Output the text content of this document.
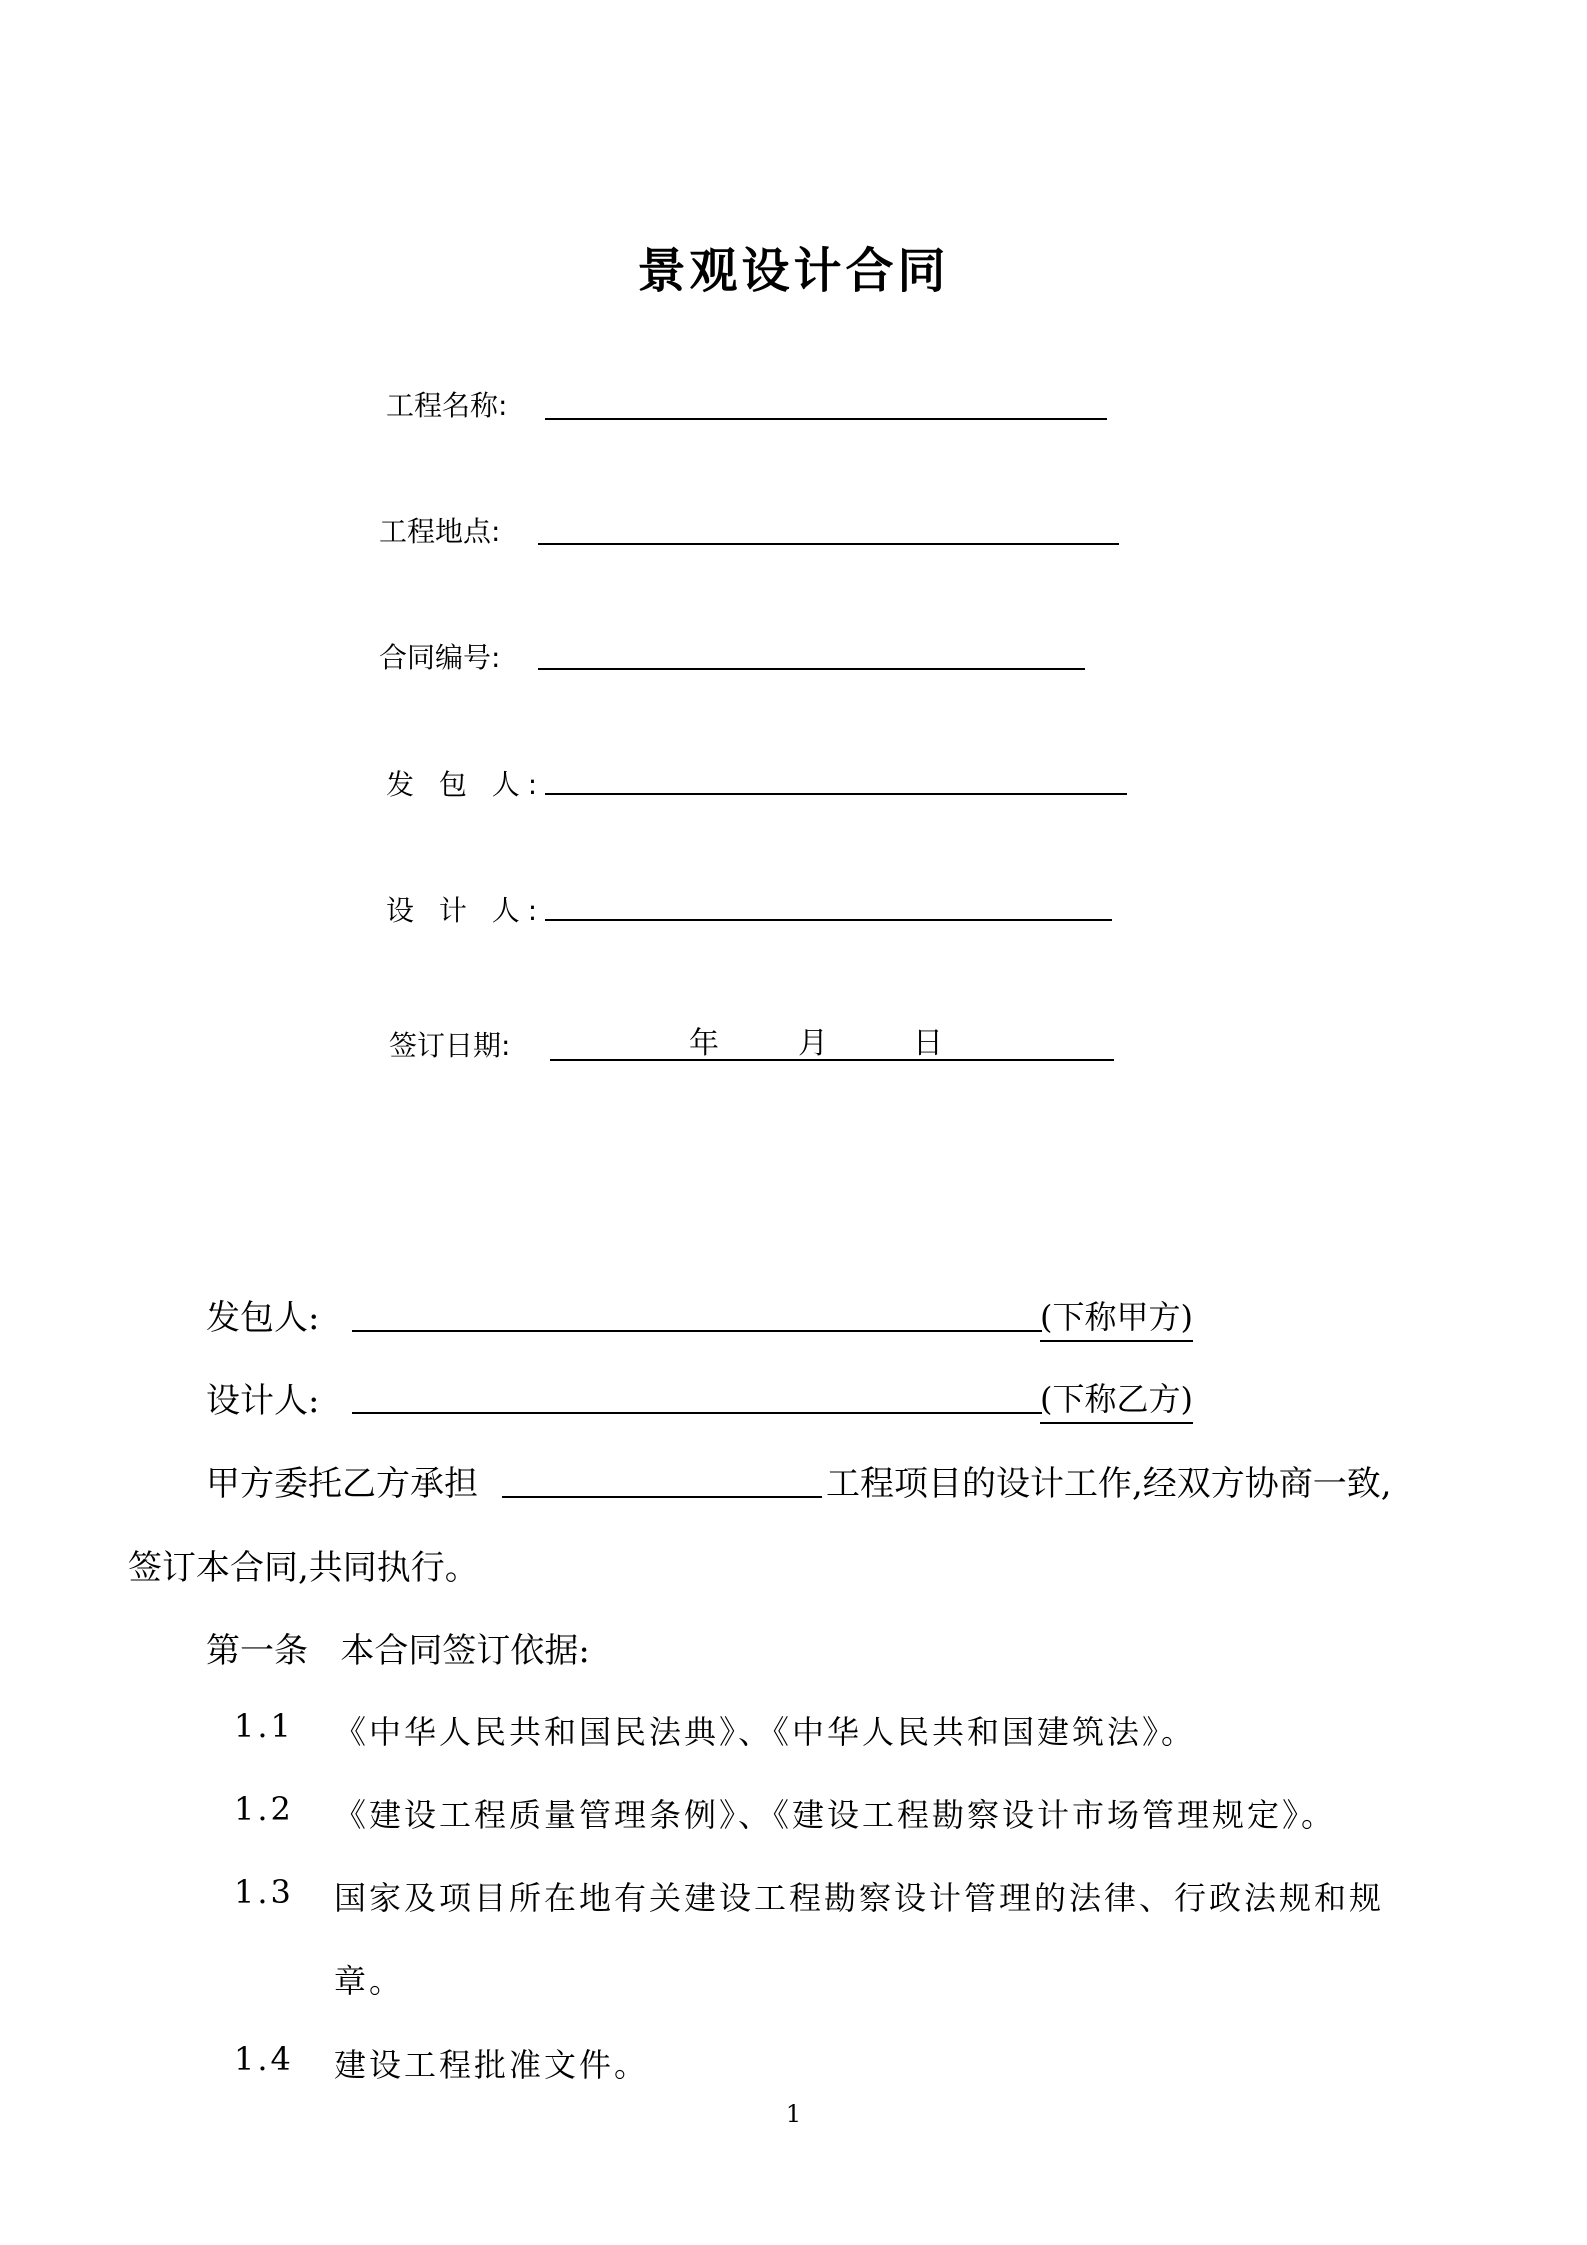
景观设计合同
工程名称:
工程地点:
合同编号:
发 包 人:
设 计 人:
签订日期:	年	月	日
发包人:	(下称甲方)
设计人:	(下称乙方)
甲方委托乙方承担	工程项目的设计工作,经双方协商一致,
签订本合同,共同执行。
第一条   本合同签订依据:
1.1 《中华人民共和国民法典》、《中华人民共和国建筑法》。
1.2 《建设工程质量管理条例》、《建设工程勘察设计市场管理规定》。
1.3 国家及项目所在地有关建设工程勘察设计管理的法律、行政法规和规
章。
1.4 建设工程批准文件。
1
